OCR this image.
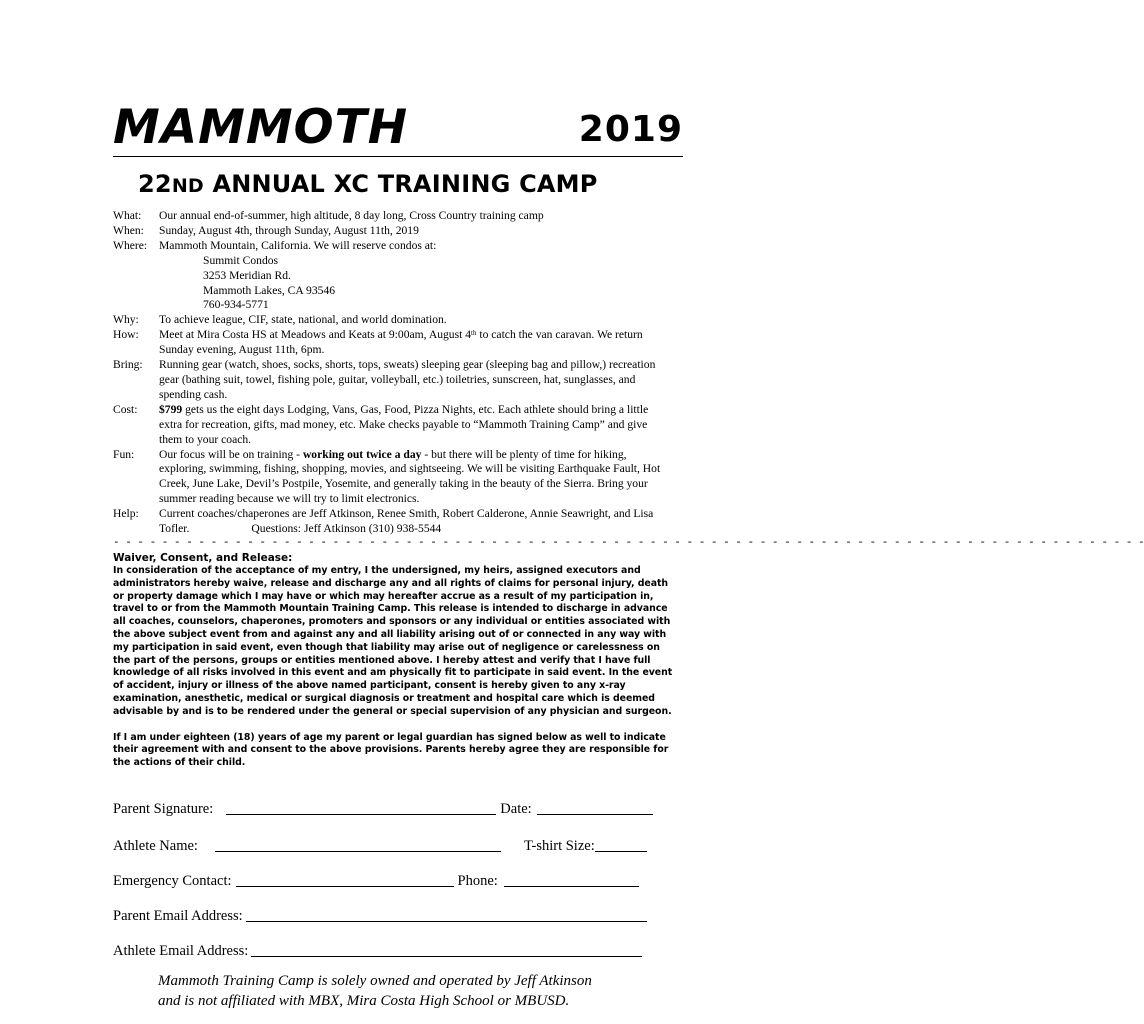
MAMMOTH	2019
22ND ANNUAL XC TRAINING CAMP
What:	Our annual end-of-summer, high altitude, 8 day long, Cross Country training camp
When:	Sunday, August 4th, through Sunday, August 11th, 2019
Where:	Mammoth Mountain, California. We will reserve condos at:
Summit Condos
3253 Meridian Rd.
Mammoth Lakes, CA 93546
760-934-5771
Why:	To achieve league, CIF, state, national, and world domination.
How:	Meet at Mira Costa HS at Meadows and Keats at 9:00am, August 4th to catch the van caravan. We return Sunday evening, August 11th, 6pm.
Bring:	Running gear (watch, shoes, socks, shorts, tops, sweats) sleeping gear (sleeping bag and pillow,) recreation gear (bathing suit, towel, fishing pole, guitar, volleyball, etc.) toiletries, sunscreen, hat, sunglasses, and spending cash.
Cost:	$799 gets us the eight days Lodging, Vans, Gas, Food, Pizza Nights, etc. Each athlete should bring a little extra for recreation, gifts, mad money, etc. Make checks payable to “Mammoth Training Camp” and give them to your coach.
Fun:	Our focus will be on training - working out twice a day - but there will be plenty of time for hiking, exploring, swimming, fishing, shopping, movies, and sightseeing. We will be visiting Earthquake Fault, Hot Creek, June Lake, Devil’s Postpile, Yosemite, and generally taking in the beauty of the Sierra. Bring your summer reading because we will try to limit electronics.
Help:	Current coaches/chaperones are Jeff Atkinson, Renee Smith, Robert Calderone, Annie Seawright, and Lisa Tofler.	Questions: Jeff Atkinson (310) 938-5544
- - - - - - - - - - - - - - - - - - - - - - - - - - - - - - - - - - - - - - - - - - - - - - - - - - - - - - - - - - - - - - - - - - - - - - - - - - - - - - - - - - - - -
Waiver, Consent, and Release:

In consideration of the acceptance of my entry, I the undersigned, my heirs, assigned executors and administrators hereby waive, release and discharge any and all rights of claims for personal injury, death or property damage which I may have or which may hereafter accrue as a result of my participation in, travel to or from the Mammoth Mountain Training Camp. This release is intended to discharge in advance all coaches, counselors, chaperones, promoters and sponsors or any individual or entities associated with the above subject event from and against any and all liability arising out of or connected in any way with my participation in said event, even though that liability may arise out of negligence or carelessness on the part of the persons, groups or entities mentioned above. I hereby attest and verify that I have full knowledge of all risks involved in this event and am physically fit to participate in said event. In the event of accident, injury or illness of the above named participant, consent is hereby given to any x-ray examination, anesthetic, medical or surgical diagnosis or treatment and hospital care which is deemed advisable by and is to be rendered under the general or special supervision of any physician and surgeon.

If I am under eighteen (18) years of age my parent or legal guardian has signed below as well to indicate their agreement with and consent to the above provisions. Parents hereby agree they are responsible for the actions of their child.

Parent Signature:	Date:
Athlete Name:	T-shirt Size:
Emergency Contact:	Phone:
Parent Email Address:
Athlete Email Address:
Mammoth Training Camp is solely owned and operated by Jeff Atkinson
and is not affiliated with MBX, Mira Costa High School or MBUSD.
